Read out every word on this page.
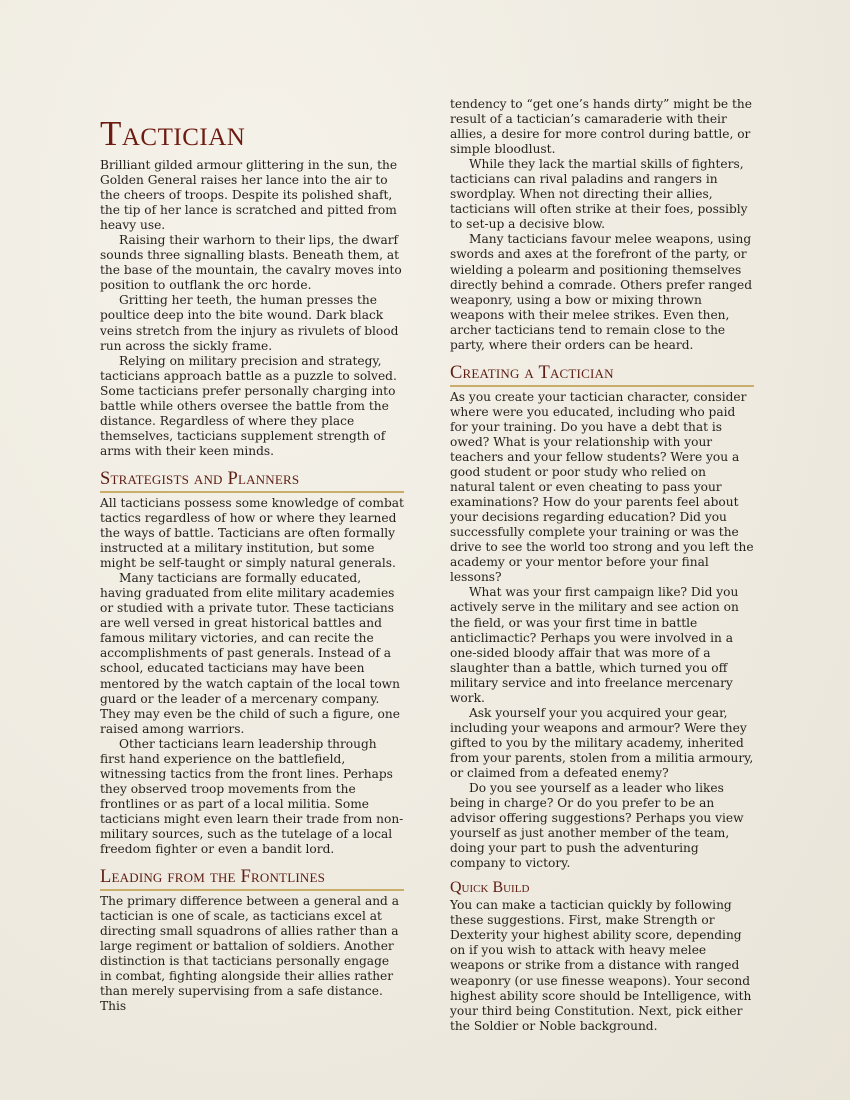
Tactician

Brilliant gilded armour glittering in the sun, the Golden General raises her lance into the air to the cheers of troops. Despite its polished shaft, the tip of her lance is scratched and pitted from heavy use.

Raising their warhorn to their lips, the dwarf sounds three signalling blasts. Beneath them, at the base of the mountain, the cavalry moves into position to outflank the orc horde.

Gritting her teeth, the human presses the poultice deep into the bite wound. Dark black veins stretch from the injury as rivulets of blood run across the sickly frame.

Relying on military precision and strategy, tacticians approach battle as a puzzle to solved. Some tacticians prefer personally charging into battle while others oversee the battle from the distance. Regardless of where they place themselves, tacticians supplement strength of arms with their keen minds.

Strategists and Planners

All tacticians possess some knowledge of combat tactics regardless of how or where they learned the ways of battle. Tacticians are often formally instructed at a military institution, but some might be self-taught or simply natural generals.

Many tacticians are formally educated, having graduated from elite military academies or studied with a private tutor. These tacticians are well versed in great historical battles and famous military victories, and can recite the accomplishments of past generals. Instead of a school, educated tacticians may have been mentored by the watch captain of the local town guard or the leader of a mercenary company. They may even be the child of such a figure, one raised among warriors.

Other tacticians learn leadership through first hand experience on the battlefield, witnessing tactics from the front lines. Perhaps they observed troop movements from the frontlines or as part of a local militia. Some tacticians might even learn their trade from non-military sources, such as the tutelage of a local freedom fighter or even a bandit lord.

Leading from the Frontlines

The primary difference between a general and a tactician is one of scale, as tacticians excel at directing small squadrons of allies rather than a large regiment or battalion of soldiers. Another distinction is that tacticians personally engage in combat, fighting alongside their allies rather than merely supervising from a safe distance. This

tendency to “get one’s hands dirty” might be the result of a tactician’s camaraderie with their allies, a desire for more control during battle, or simple bloodlust.

While they lack the martial skills of fighters, tacticians can rival paladins and rangers in swordplay. When not directing their allies, tacticians will often strike at their foes, possibly to set-up a decisive blow.

Many tacticians favour melee weapons, using swords and axes at the forefront of the party, or wielding a polearm and positioning themselves directly behind a comrade. Others prefer ranged weaponry, using a bow or mixing thrown weapons with their melee strikes. Even then, archer tacticians tend to remain close to the party, where their orders can be heard.

Creating a Tactician

As you create your tactician character, consider where were you educated, including who paid for your training. Do you have a debt that is owed? What is your relationship with your teachers and your fellow students? Were you a good student or poor study who relied on natural talent or even cheating to pass your examinations? How do your parents feel about your decisions regarding education? Did you successfully complete your training or was the drive to see the world too strong and you left the academy or your mentor before your final lessons?

What was your first campaign like? Did you actively serve in the military and see action on the field, or was your first time in battle anticlimactic? Perhaps you were involved in a one-sided bloody affair that was more of a slaughter than a battle, which turned you off military service and into freelance mercenary work.

Ask yourself your you acquired your gear, including your weapons and armour? Were they gifted to you by the military academy, inherited from your parents, stolen from a militia armoury, or claimed from a defeated enemy?

Do you see yourself as a leader who likes being in charge? Or do you prefer to be an advisor offering suggestions? Perhaps you view yourself as just another member of the team, doing your part to push the adventuring company to victory.

Quick Build

You can make a tactician quickly by following these suggestions. First, make Strength or Dexterity your highest ability score, depending on if you wish to attack with heavy melee weapons or strike from a distance with ranged weaponry (or use finesse weapons). Your second highest ability score should be Intelligence, with your third being Constitution. Next, pick either the Soldier or Noble background.
